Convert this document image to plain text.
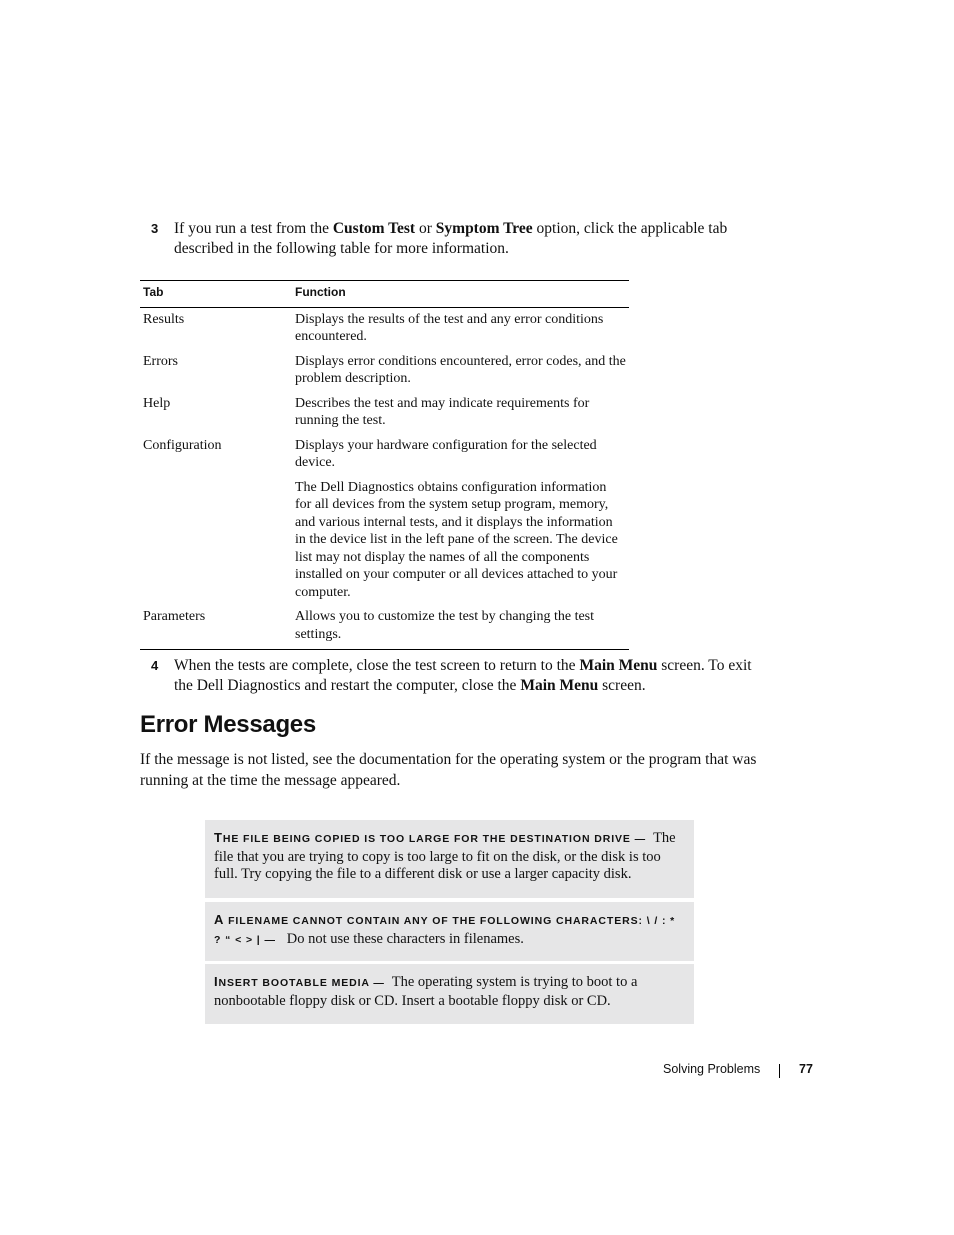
3 If you run a test from the Custom Test or Symptom Tree option, click the applicable tab described in the following table for more information.
Tab	Function
Results	Displays the results of the test and any error conditions encountered.
Errors	Displays error conditions encountered, error codes, and the problem description.
Help	Describes the test and may indicate requirements for running the test.
Configuration	Displays your hardware configuration for the selected device.
	The Dell Diagnostics obtains configuration information for all devices from the system setup program, memory, and various internal tests, and it displays the information in the device list in the left pane of the screen. The device list may not display the names of all the components installed on your computer or all devices attached to your computer.
Parameters	Allows you to customize the test by changing the test settings.
4 When the tests are complete, close the test screen to return to the Main Menu screen. To exit the Dell Diagnostics and restart the computer, close the Main Menu screen.
Error Messages

If the message is not listed, see the documentation for the operating system or the program that was running at the time the message appeared.

THE FILE BEING COPIED IS TOO LARGE FOR THE DESTINATION DRIVE — The file that you are trying to copy is too large to fit on the disk, or the disk is too full. Try copying the file to a different disk or use a larger capacity disk.
A FILENAME CANNOT CONTAIN ANY OF THE FOLLOWING CHARACTERS: \ / : * ? “ < > | — Do not use these characters in filenames.
INSERT BOOTABLE MEDIA — The operating system is trying to boot to a nonbootable floppy disk or CD. Insert a bootable floppy disk or CD.
Solving Problems	77
